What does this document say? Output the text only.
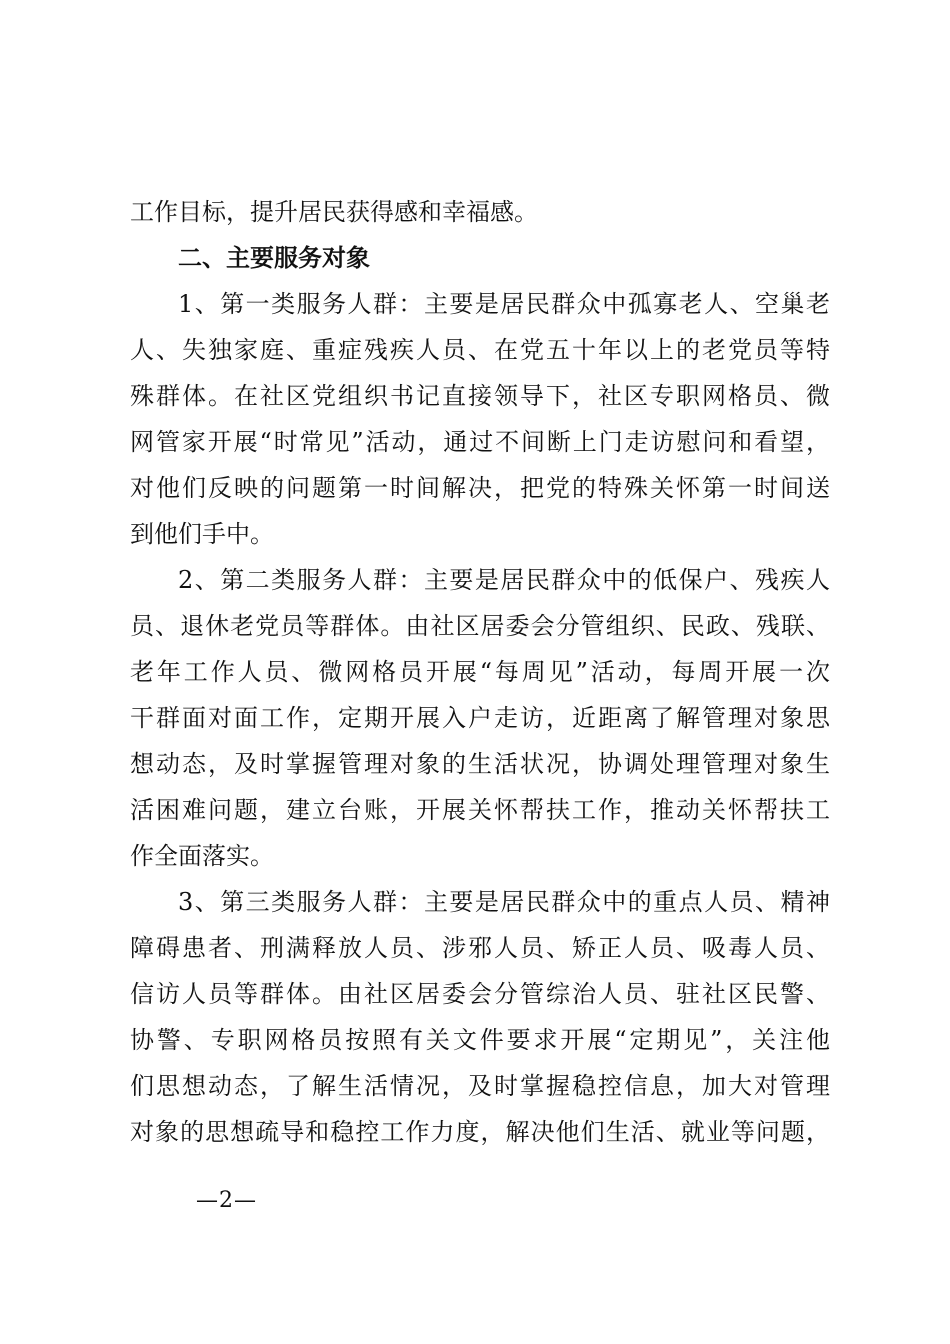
工作目标，提升居民获得感和幸福感。
二、主要服务对象
1、第一类服务人群：主要是居民群众中孤寡老人、空巢老
人、失独家庭、重症残疾人员、在党五十年以上的老党员等特
殊群体。在社区党组织书记直接领导下，社区专职网格员、微
网管家开展“时常见”活动，通过不间断上门走访慰问和看望，
对他们反映的问题第一时间解决，把党的特殊关怀第一时间送
到他们手中。
2、第二类服务人群：主要是居民群众中的低保户、残疾人
员、退休老党员等群体。由社区居委会分管组织、民政、残联、
老年工作人员、微网格员开展“每周见”活动，每周开展一次
干群面对面工作，定期开展入户走访，近距离了解管理对象思
想动态，及时掌握管理对象的生活状况，协调处理管理对象生
活困难问题，建立台账，开展关怀帮扶工作，推动关怀帮扶工
作全面落实。
3、第三类服务人群：主要是居民群众中的重点人员、精神
障碍患者、刑满释放人员、涉邪人员、矫正人员、吸毒人员、
信访人员等群体。由社区居委会分管综治人员、驻社区民警、
协警、专职网格员按照有关文件要求开展“定期见”，关注他
们思想动态，了解生活情况，及时掌握稳控信息，加大对管理
对象的思想疏导和稳控工作力度，解决他们生活、就业等问题，
—2—
